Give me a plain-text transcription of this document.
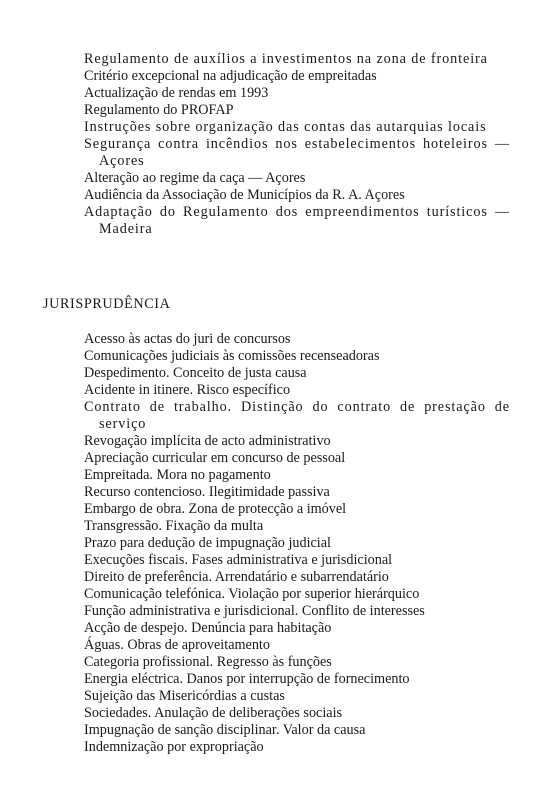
Regulamento de auxílios a investimentos na zona de fronteira
Critério excepcional na adjudicação de empreitadas
Actualização de rendas em 1993
Regulamento do PROFAP
Instruções sobre organização das contas das autarquias locais
Segurança contra incêndios nos estabelecimentos hoteleiros — Açores
Alteração ao regime da caça — Açores
Audiência da Associação de Municípios da R. A. Açores
Adaptação do Regulamento dos empreendimentos turísticos — Madeira
JURISPRUDÊNCIA
Acesso às actas do juri de concursos
Comunicações judiciais às comissões recenseadoras
Despedimento. Conceito de justa causa
Acidente in itinere. Risco específico
Contrato de trabalho. Distinção do contrato de prestação de serviço
Revogação implícita de acto administrativo
Apreciação curricular em concurso de pessoal
Empreitada. Mora no pagamento
Recurso contencioso. Ilegitimidade passiva
Embargo de obra. Zona de protecção a imóvel
Transgressão. Fixação da multa
Prazo para dedução de impugnação judicial
Execuções fiscais. Fases administrativa e jurisdicional
Direito de preferência. Arrendatário e subarrendatário
Comunicação telefónica. Violação por superior hierárquico
Função administrativa e jurisdicional. Conflito de interesses
Acção de despejo. Denúncia para habitação
Águas. Obras de aproveitamento
Categoria profissional. Regresso às funções
Energia eléctrica. Danos por interrupção de fornecimento
Sujeição das Misericórdias a custas
Sociedades. Anulação de deliberações sociais
Impugnação de sanção disciplinar. Valor da causa
Indemnização por expropriação
